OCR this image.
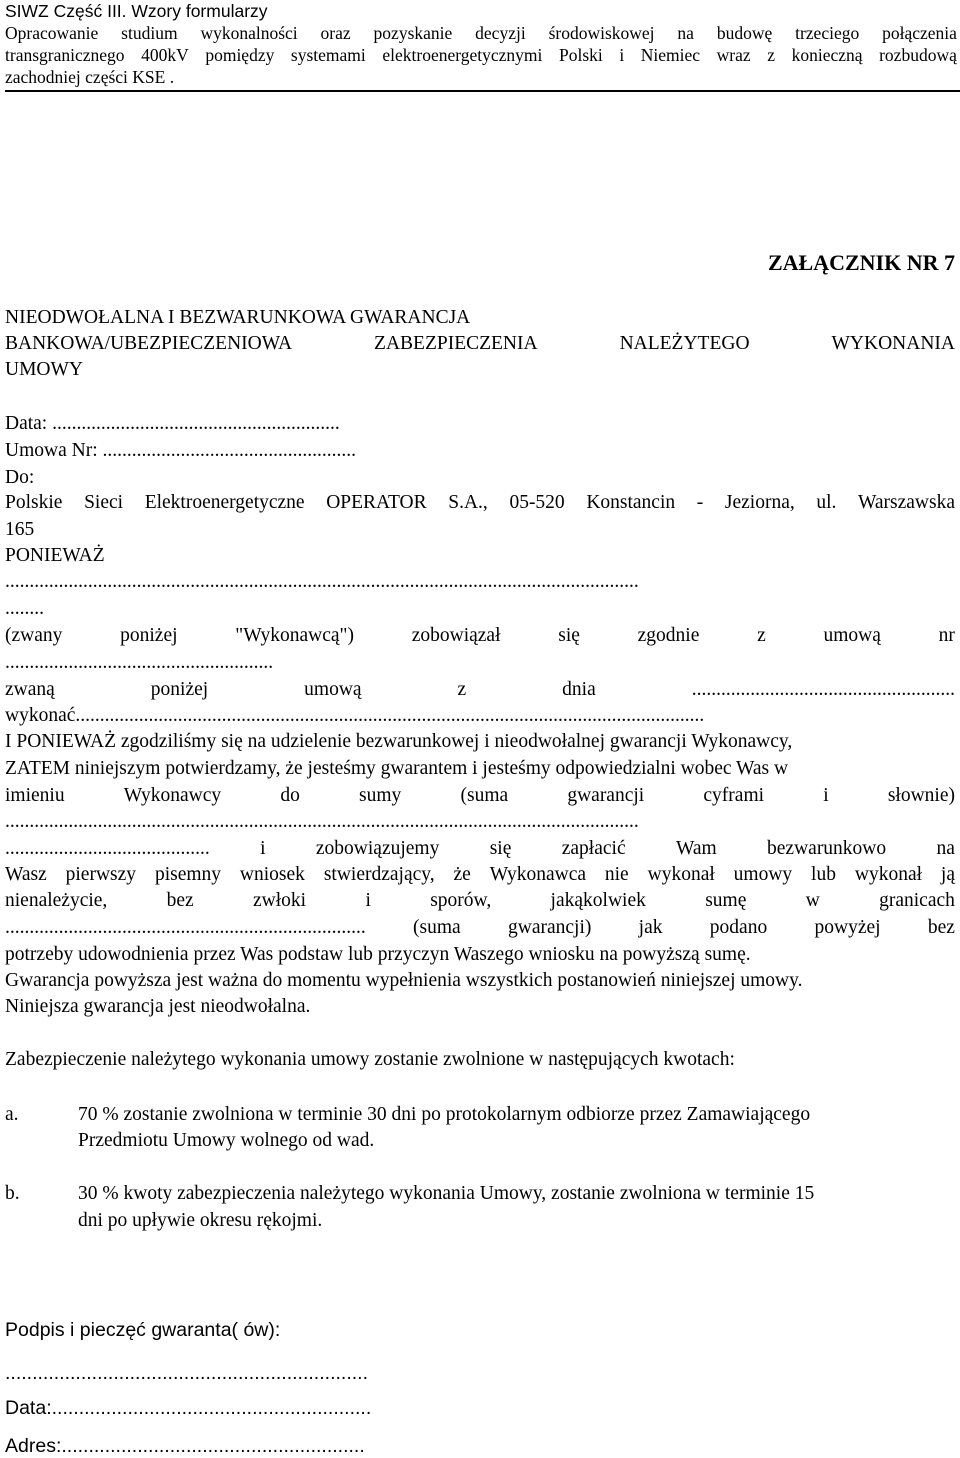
SIWZ Część III. Wzory formularzy
Opracowanie studium wykonalności oraz pozyskanie decyzji środowiskowej na budowę trzeciego połączenia
transgranicznego 400kV pomiędzy systemami elektroenergetycznymi Polski i Niemiec wraz z konieczną rozbudową
zachodniej części KSE .
ZAŁĄCZNIK NR 7
NIEODWOŁALNA I BEZWARUNKOWA GWARANCJA
BANKOWA/UBEZPIECZENIOWA	ZABEZPIECZENIA	NALEŻYTEGO	WYKONANIA
UMOWY
Data: ...........................................................
Umowa Nr: ....................................................
Do:
Polskie Sieci Elektroenergetyczne OPERATOR S.A., 05-520 Konstancin - Jeziorna, ul. Warszawska
165
PONIEWAŻ
..................................................................................................................................
........
(zwany	poniżej	"Wykonawcą")	zobowiązał	się	zgodnie	z	umową	nr
.......................................................
zwaną	poniżej	umową	z	dnia	......................................................
wykonać.................................................................................................................................
I PONIEWAŻ zgodziliśmy się na udzielenie bezwarunkowej i nieodwołalnej gwarancji Wykonawcy,
ZATEM niniejszym potwierdzamy, że jesteśmy gwarantem i jesteśmy odpowiedzialni wobec Was w
imieniu	Wykonawcy	do	sumy	(suma	gwarancji	cyframi	i	słownie)
..................................................................................................................................
..........................................	i	zobowiązujemy	się	zapłacić	Wam	bezwarunkowo	na
Wasz pierwszy pisemny wniosek stwierdzający, że Wykonawca nie wykonał umowy lub wykonał ją
nienależycie,	bez	zwłoki	i	sporów,	jakąkolwiek	sumę	w	granicach
.......................................................................... (suma gwarancji) jak podano powyżej bez
potrzeby udowodnienia przez Was podstaw lub przyczyn Waszego wniosku na powyższą sumę.
Gwarancja powyższa jest ważna do momentu wypełnienia wszystkich postanowień niniejszej umowy.
Niniejsza gwarancja jest nieodwołalna.
Zabezpieczenie należytego wykonania umowy zostanie zwolnione w następujących kwotach:
a.	70 % zostanie zwolniona w terminie 30 dni po protokolarnym odbiorze przez Zamawiającego
Przedmiotu Umowy wolnego od wad.
b.	30 % kwoty zabezpieczenia należytego wykonania Umowy, zostanie zwolniona w terminie 15
dni po upływie okresu rękojmi.
Podpis i pieczęć gwaranta( ów):
...................................................................
Data:...........................................................
Adres:........................................................
